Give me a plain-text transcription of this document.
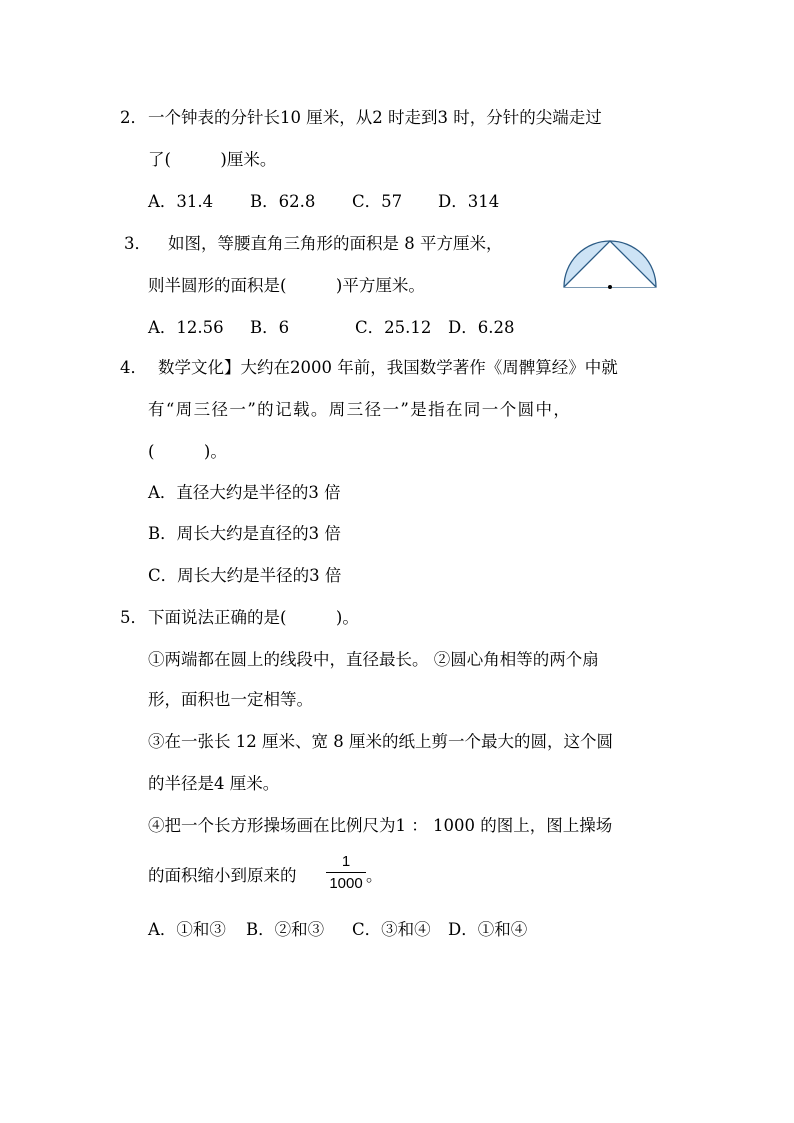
2． 一个钟表的分针长10 厘米，从2 时走到3 时，分针的尖端走过
了(　　　)厘米。
A．31.4 B．62.8 C．57 D．314
3． 如图，等腰直角三角形的面积是 8 平方厘米，
则半圆形的面积是(　　　)平方厘米。
A．12.56 B．6	C．25.12 D．6.28
4． 数学文化】大约在2000 年前，我国数学著作《周髀算经》中就
有“周三径一”的记载。周三径一”是指在同一个圆中，
(　　　)。
A．直径大约是半径的3 倍
B．周长大约是直径的3 倍
C．周长大约是半径的3 倍
5． 下面说法正确的是(　　　)。
①两端都在圆上的线段中，直径最长。 ②圆心角相等的两个扇
形，面积也一定相等。
③在一张长 12 厘米、宽 8 厘米的纸上剪一个最大的圆，这个圆
的半径是4 厘米。
④把一个长方形操场画在比例尺为1 ： 1000 的图上，图上操场
的面积缩小到原来的
1
1000 。
A．①和③ B．②和③ C．③和④ D．①和④
